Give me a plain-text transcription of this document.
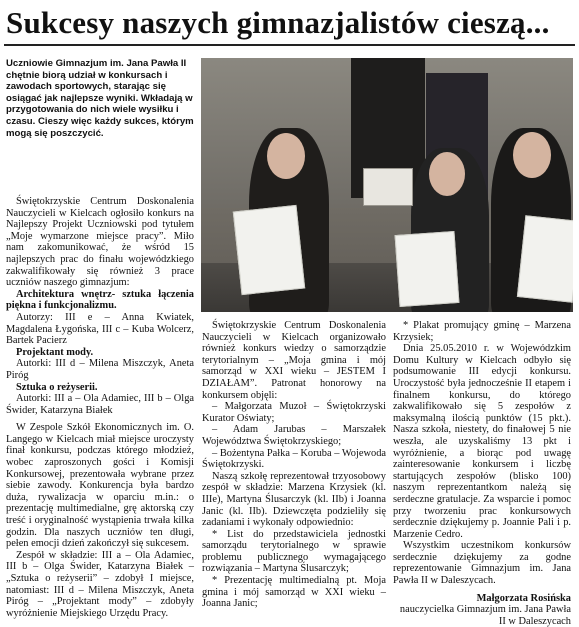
Sukcesy naszych gimnazjalistów cieszą...
Uczniowie Gimnazjum im. Jana Pawła II chętnie biorą udział w konkursach i zawodach sportowych, starając się osiągać jak najlepsze wyniki. Wkładają w przygotowania do nich wiele wysiłku i czasu. Cieszy więc każdy sukces, którym mogą się poszczycić.

Świętokrzyskie Centrum Doskonalenia Nauczycieli w Kielcach ogłosiło konkurs na Najlepszy Projekt Uczniowski pod tytułem „Moje wymarzone miejsce pracy”. Miło nam zakomunikować, że wśród 15 najlepszych prac do finału wojewódzkiego zakwalifikowały się również 3 prace uczniów naszego gimnazjum:

Architektura wnętrz- sztuka łączenia piękna i funkcjonalizmu.

Autorzy: III e – Anna Kwiatek, Magdalena Łygońska, III c – Kuba Wolcerz, Bartek Pacierz

Projektant mody.

Autorki: III d – Milena Miszczyk, Aneta Piróg

Sztuka o reżyserii.

Autorki: III a – Ola Adamiec, III b – Olga Świder, Katarzyna Białek

W Zespole Szkół Ekonomicznych im. O. Langego w Kielcach miał miejsce uroczysty finał konkursu, podczas którego młodzież, wobec zaproszonych gości i Komisji Konkursowej, prezentowała wybrane przez siebie zawody. Konkurencja była bardzo duża, rywalizacja w oparciu m.in.: o prezentację multimedialne, grę aktorską czy treść i oryginalność wystąpienia trwała kilka godzin. Dla naszych uczniów ten długi, pełen emocji dzień zakończył się sukcesem.

Zespół w składzie: III a – Ola Adamiec, III b – Olga Świder, Katarzyna Białek – „Sztuka o reżyserii” – zdobył I miejsce, natomiast: III d – Milena Miszczyk, Aneta Piróg – „Projektant mody” – zdobyły wyróżnienie Miejskiego Urzędu Pracy.

Świętokrzyskie Centrum Doskonalenia Nauczycieli w Kielcach organizowało również konkurs wiedzy o samorządzie terytorialnym – „Moja gmina i mój samorząd w XXI wieku – JESTEM I DZIAŁAM”. Patronat honorowy na konkursem objęli:

– Małgorzata Muzoł – Świętokrzyski Kurator Oświaty;

– Adam Jarubas – Marszałek Województwa Świętokrzyskiego;

– Bożentyna Pałka – Koruba – Wojewoda Świętokrzyski.

Naszą szkołę reprezentował trzyosobowy zespół w składzie: Marzena Krzysiek (kl. IIIe), Martyna Ślusarczyk (kl. IIb) i Joanna Janic (kl. IIb). Dziewczęta podzieliły się zadaniami i wykonały odpowiednio:

* List do przedstawiciela jednostki samorządu terytorialnego w sprawie problemu publicznego wymagającego rozwiązania – Martyna Ślusarczyk;

* Prezentację multimedialną pt. Moja gmina i mój samorząd w XXI wieku – Joanna Janic;

* Plakat promujący gminę – Marzena Krzysiek;

Dnia 25.05.2010 r. w Wojewódzkim Domu Kultury w Kielcach odbyło się podsumowanie III edycji konkursu. Uroczystość była jednocześnie II etapem i finalnem konkursu, do którego zakwalifikowało się 5 zespołów z maksymalną ilością punktów (15 pkt.). Nasza szkoła, niestety, do finałowej 5 nie weszła, ale uzyskaliśmy 13 pkt i wyróżnienie, a biorąc pod uwagę zainteresowanie konkursem i liczbę startujących zespołów (blisko 100) naszym reprezentantkom należą się serdeczne gratulacje. Za wsparcie i pomoc przy tworzeniu prac konkursowych serdecznie dziękujemy p. Joannie Pali i p. Marzenie Cedro.

Wszystkim uczestnikom konkursów serdecznie dziękujemy za godne reprezentowanie Gimnazjum im. Jana Pawła II w Daleszycach.

Małgorzata Rosińska

nauczycielka Gimnazjum im. Jana Pawła II w Daleszycach
